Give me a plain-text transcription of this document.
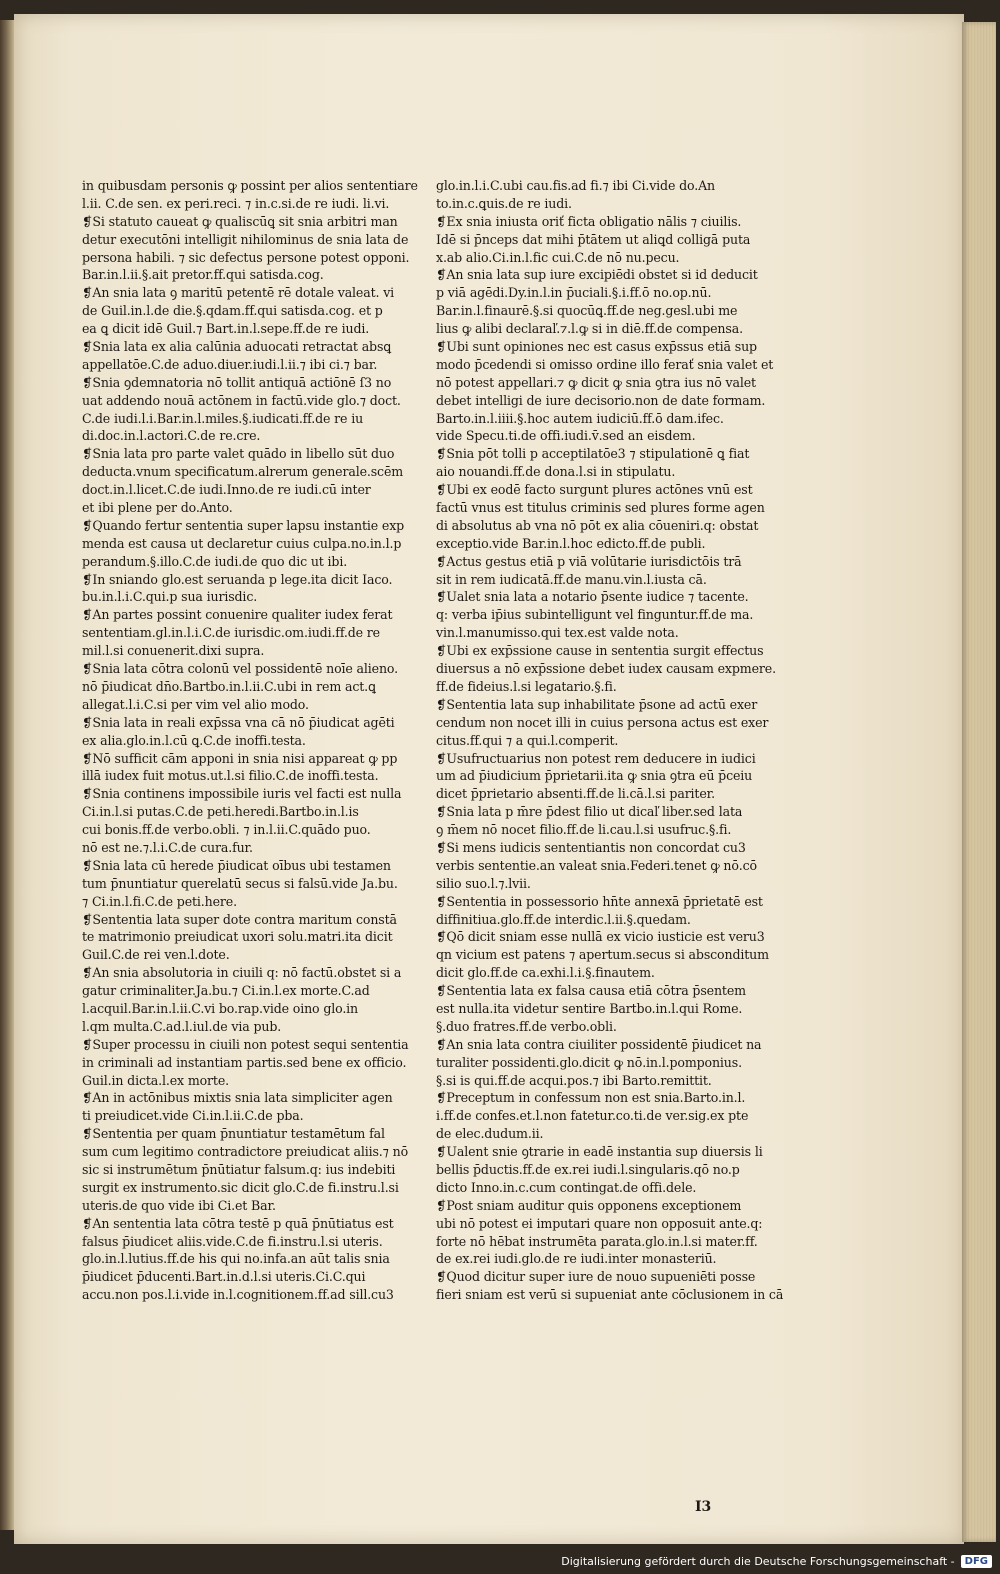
in quibusdam personis ꝙ possint per alios sententiare
l.ii. C.de sen. ex peri.reci. ⁊ in.c.si.de re iudi. li.vi.
❡Si statuto caueat ꝙ qualiscūꝗ sit snia arbitri man
detur executōni intelligit nihilominus de snia lata de
persona habili. ⁊ sic defectus persone potest opponi.
Bar.in.l.ii.§.ait pretor.ff.qui satisda.cog.
❡An snia lata ꝯ maritū petentē rē dotale valeat. vi
de Guil.in.l.de die.§.qdam.ff.qui satisda.cog. et p
ea ꝗ dicit idē Guil.⁊ Bart.in.l.sepe.ff.de re iudi.
❡Snia lata ex alia calūnia aduocati retractat absꝗ
appellatōe.C.de aduo.diuer.iudi.l.ii.⁊ ibi ci.⁊ bar.
❡Snia ꝯdemnatoria nō tollit antiquā actiōnē ſ3 no
uat addendo nouā actōnem in factū.vide glo.⁊ doct.
C.de iudi.l.i.Bar.in.l.miles.§.iudicati.ff.de re iu
di.doc.in.l.actori.C.de re.cre.
❡Snia lata pro parte valet quādo in libello sūt duo
deducta.vnum specificatum.alrerum generale.scēm
doct.in.l.licet.C.de iudi.Inno.de re iudi.cū inter
et ibi plene per do.Anto.
❡Quando fertur sententia super lapsu instantie exp
menda est causa ut declaretur cuius culpa.no.in.l.p
perandum.§.illo.C.de iudi.de quo dic ut ibi.
❡In sniando glo.est seruanda p lege.ita dicit Iaco.
bu.in.l.i.C.qui.p sua iurisdic.
❡An partes possint conuenire qualiter iudex ferat
sententiam.gl.in.l.i.C.de iurisdic.om.iudi.ff.de re
mil.l.si conuenerit.dixi supra.
❡Snia lata cōtra colonū vel possidentē noīe alieno.
nō p̄iudicat dn̄o.Bartbo.in.l.ii.C.ubi in rem act.ꝗ
allegat.l.i.C.si per vim vel alio modo.
❡Snia lata in reali exp̄ssa vna cā nō p̄iudicat agēti
ex alia.glo.in.l.cū ꝗ.C.de inoffi.testa.
❡Nō sufficit cām apponi in snia nisi appareat ꝙ pp
illā iudex fuit motus.ut.l.si filio.C.de inoffi.testa.
❡Snia continens impossibile iuris vel facti est nulla
Ci.in.l.si putas.C.de peti.heredi.Bartbo.in.l.is
cui bonis.ff.de verbo.obli. ⁊ in.l.ii.C.quādo puo.
nō est ne.⁊.l.i.C.de cura.fur.
❡Snia lata cū herede p̄iudicat oībus ubi testamen
tum p̄nuntiatur querelatū secus si falsū.vide Ja.bu.
⁊ Ci.in.l.fi.C.de peti.here.
❡Sententia lata super dote contra maritum constā
te matrimonio preiudicat uxori solu.matri.ita dicit
Guil.C.de rei ven.l.dote.
❡An snia absolutoria in ciuili q: nō factū.obstet si a
gatur criminaliter.Ja.bu.⁊ Ci.in.l.ex morte.C.ad
l.acquil.Bar.in.l.ii.C.vi bo.rap.vide oino glo.in
l.qm multa.C.ad.l.iul.de via pub.
❡Super processu in ciuili non potest sequi sententia
in criminali ad instantiam partis.sed bene ex officio.
Guil.in dicta.l.ex morte.
❡An in actōnibus mixtis snia lata simpliciter agen
ti preiudicet.vide Ci.in.l.ii.C.de pba.
❡Sententia per quam p̄nuntiatur testamētum fal
sum cum legitimo contradictore preiudicat aliis.⁊ nō
sic si instrumētum p̄nūtiatur falsum.q: ius indebiti
surgit ex instrumento.sic dicit glo.C.de fi.instru.l.si
uteris.de quo vide ibi Ci.et Bar.
❡An sententia lata cōtra testē p quā p̄nūtiatus est
falsus p̄iudicet aliis.vide.C.de fi.instru.l.si uteris.
glo.in.l.lutius.ff.de his qui no.infa.an aūt talis snia
p̄iudicet p̄ducenti.Bart.in.d.l.si uteris.Ci.C.qui
accu.non pos.l.i.vide in.l.cognitionem.ff.ad sill.cu3
glo.in.l.i.C.ubi cau.fis.ad fi.⁊ ibi Ci.vide do.An
to.in.c.ꝗuis.de re iudi.
❡Ex snia iniusta oriť ficta obligatio nālis ⁊ ciuilis.
Idē si p̄nceps dat mihi p̄tātem ut aliꝗd colligā puta
x.ab alio.Ci.in.l.fic cui.C.de nō nu.pecu.
❡An snia lata sup iure excipiēdi obstet si id deducit
p viā agēdi.Dy.in.l.in p̄uciali.§.i.ff.ō no.op.nū.
Bar.in.l.finaurē.§.si quocūꝗ.ff.de neg.gesl.ubi me
lius ꝙ alibi declaraľ.⁊.l.ꝙ si in diē.ff.de compensa.
❡Ubi sunt opiniones nec est casus exp̄ssus etiā sup
modo p̄cedendi si omisso ordine illo ferať snia valet et
nō potest appellari.⁊ ꝙ dicit ꝙ snia ꝯtra ius nō valet
debet intelligi de iure decisorio.non de date formam.
Barto.in.l.iiii.§.hoc autem iudiciū.ff.ō dam.ifec.
vide Specu.ti.de offi.iudi.v̄.sed an eisdem.
❡Snia pōt tolli p acceptilatōe3 ⁊ stipulationē ꝗ fiat
aio nouandi.ff.de dona.l.si in stipulatu.
❡Ubi ex eodē facto surgunt plures actōnes vnū est
factū vnus est titulus criminis sed plures forme agen
di absolutus ab vna nō pōt ex alia cōueniri.q: obstat
exceptio.vide Bar.in.l.hoc edicto.ff.de publi.
❡Actus gestus etiā p viā volūtarie iurisdictōis trā
sit in rem iudicatā.ff.de manu.vin.l.iusta cā.
❡Ualet snia lata a notario p̄sente iudice ⁊ tacente.
q: verba ip̄ius subintelligunt vel finguntur.ff.de ma.
vin.l.manumisso.qui tex.est valde nota.
❡Ubi ex exp̄ssione cause in sententia surgit effectus
diuersus a nō exp̄ssione debet iudex causam expmere.
ff.de fideius.l.si legatario.§.fi.
❡Sententia lata sup inhabilitate p̄sone ad actū exer
cendum non nocet illi in cuius persona actus est exer
citus.ff.qui ⁊ a qui.l.comperit.
❡Usufructuarius non potest rem deducere in iudici
um ad p̄iudicium p̄prietarii.ita ꝙ snia ꝯtra eū p̄ceiu
dicet p̄prietario absenti.ff.de li.cā.l.si pariter.
❡Snia lata p m̄re p̄dest filio ut dicaľ liber.sed lata
ꝯ m̄em nō nocet filio.ff.de li.cau.l.si usufruc.§.fi.
❡Si mens iudicis sententiantis non concordat cu3
verbis sententie.an valeat snia.Federi.tenet ꝙ nō.cō
silio suo.l.⁊.lvii.
❡Sententia in possessorio hn̄te annexā p̄prietatē est
diffinitiua.glo.ff.de interdic.l.ii.§.quedam.
❡Qō dicit sniam esse nullā ex vicio iusticie est veru3
qn vicium est patens ⁊ apertum.secus si absconditum
dicit glo.ff.de ca.exhi.l.i.§.finautem.
❡Sententia lata ex falsa causa etiā cōtra p̄sentem
est nulla.ita videtur sentire Bartbo.in.l.qui Rome.
§.duo fratres.ff.de verbo.obli.
❡An snia lata contra ciuiliter possidentē p̄iudicet na
turaliter possidenti.glo.dicit ꝙ nō.in.l.pomponius.
§.si is qui.ff.de acqui.pos.⁊ ibi Barto.remittit.
❡Preceptum in confessum non est snia.Barto.in.l.
i.ff.de confes.et.l.non fatetur.co.ti.de ver.sig.ex pte
de elec.dudum.ii.
❡Ualent snie ꝯtrarie in eadē instantia sup diuersis li
bellis p̄ductis.ff.de ex.rei iudi.l.singularis.qō no.p
dicto Inno.in.c.cum contingat.de offi.dele.
❡Post sniam auditur quis opponens exceptionem
ubi nō potest ei imputari quare non opposuit ante.q:
forte nō hēbat instrumēta parata.glo.in.l.si mater.ff.
de ex.rei iudi.glo.de re iudi.inter monasteriū.
❡Quod dicitur super iure de nouo supueniēti posse
fieri sniam est verū si supueniat ante cōclusionem in cā
I3
Digitalisierung gefördert durch die Deutsche Forschungsgemeinschaft -	DFG
